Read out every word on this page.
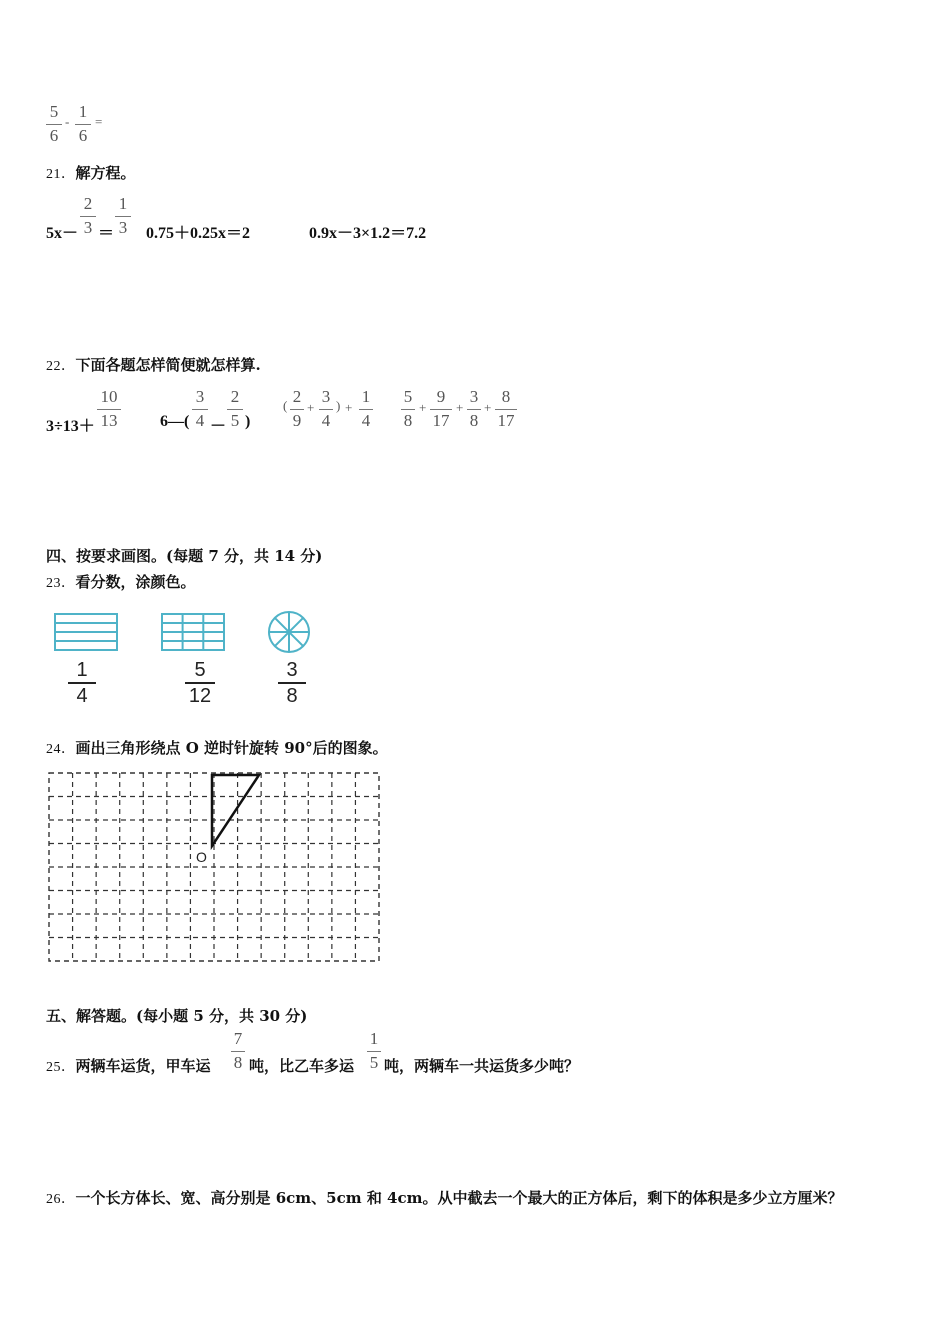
5
6
-
1
6
=
21．解方程。
5x－
2
3 ＝
1
3 0.75＋0.25x＝2	0.9x－3×1.2＝7.2
22．下面各题怎样简便就怎样算.
3÷13＋
10
13	6—(
3
4 －
2
5 )
( 2
9
+
3
4
) +
1
4
5
8
+
9
17
+
3
8
+
8
17
四、按要求画图。(每题 7 分，共 14 分)
23．看分数，涂颜色。
1
4
5
12
3
8
24．画出三角形绕点 O 逆时针旋转 90°后的图象。
O
五、解答题。(每小题 5 分，共 30 分)
25．两辆车运货，甲车运
7
8 吨，比乙车多运
1
5 吨，两辆车一共运货多少吨？
26．一个长方体长、宽、高分别是 6cm、5cm 和 4cm。从中截去一个最大的正方体后，剩下的体积是多少立方厘米？
